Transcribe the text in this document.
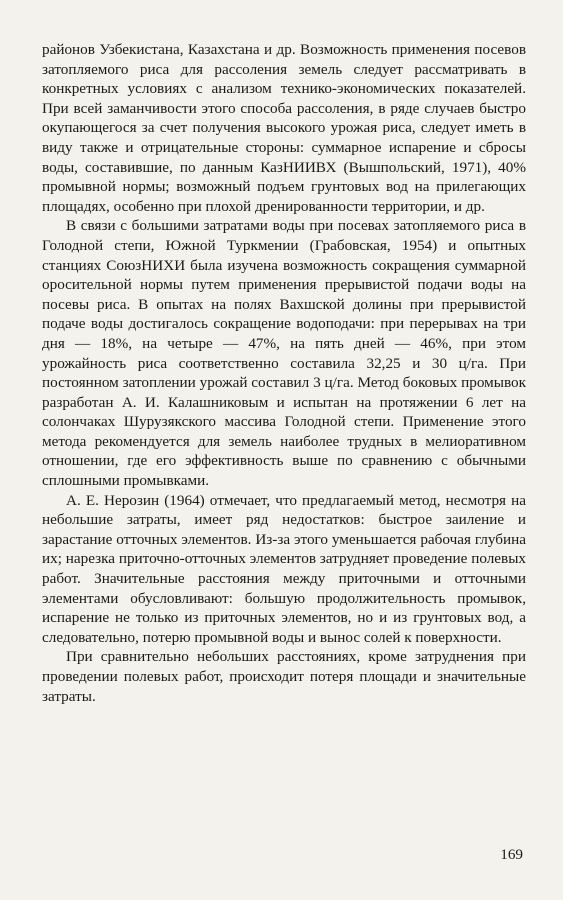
районов Узбекистана, Казахстана и др. Возможность применения посевов затопляемого риса для рассоления земель следует рассматривать в конкретных условиях с анализом технико-экономических показателей. При всей заманчивости этого способа рассоления, в ряде случаев быстро окупающегося за счет получения высокого урожая риса, следует иметь в виду также и отрицательные стороны: суммарное испарение и сбросы воды, составившие, по данным КазНИИВХ (Вышпольский, 1971), 40% промывной нормы; возможный подъем грунтовых вод на прилегающих площадях, особенно при плохой дренированности территории, и др.

В связи с большими затратами воды при посевах затопляемого риса в Голодной степи, Южной Туркмении (Грабовская, 1954) и опытных станциях СоюзНИХИ была изучена возможность сокращения суммарной оросительной нормы путем применения прерывистой подачи воды на посевы риса. В опытах на полях Вахшской долины при прерывистой подаче воды достигалось сокращение водоподачи: при перерывах на три дня — 18%, на четыре — 47%, на пять дней — 46%, при этом урожайность риса соответственно составила 32,25 и 30 ц/га. При постоянном затоплении урожай составил 3 ц/га. Метод боковых промывок разработан А. И. Калашниковым и испытан на протяжении 6 лет на солончаках Шурузякского массива Голодной степи. Применение этого метода рекомендуется для земель наиболее трудных в мелиоративном отношении, где его эффективность выше по сравнению с обычными сплошными промывками.

А. Е. Нерозин (1964) отмечает, что предлагаемый метод, несмотря на небольшие затраты, имеет ряд недостатков: быстрое заиление и зарастание отточных элементов. Из-за этого уменьшается рабочая глубина их; нарезка приточно-отточных элементов затрудняет проведение полевых работ. Значительные расстояния между приточными и отточными элементами обусловливают: большую продолжительность промывок, испарение не только из приточных элементов, но и из грунтовых вод, а следовательно, потерю промывной воды и вынос солей к поверхности.

При сравнительно небольших расстояниях, кроме затруднения при проведении полевых работ, происходит потеря площади и значительные затраты.

169
